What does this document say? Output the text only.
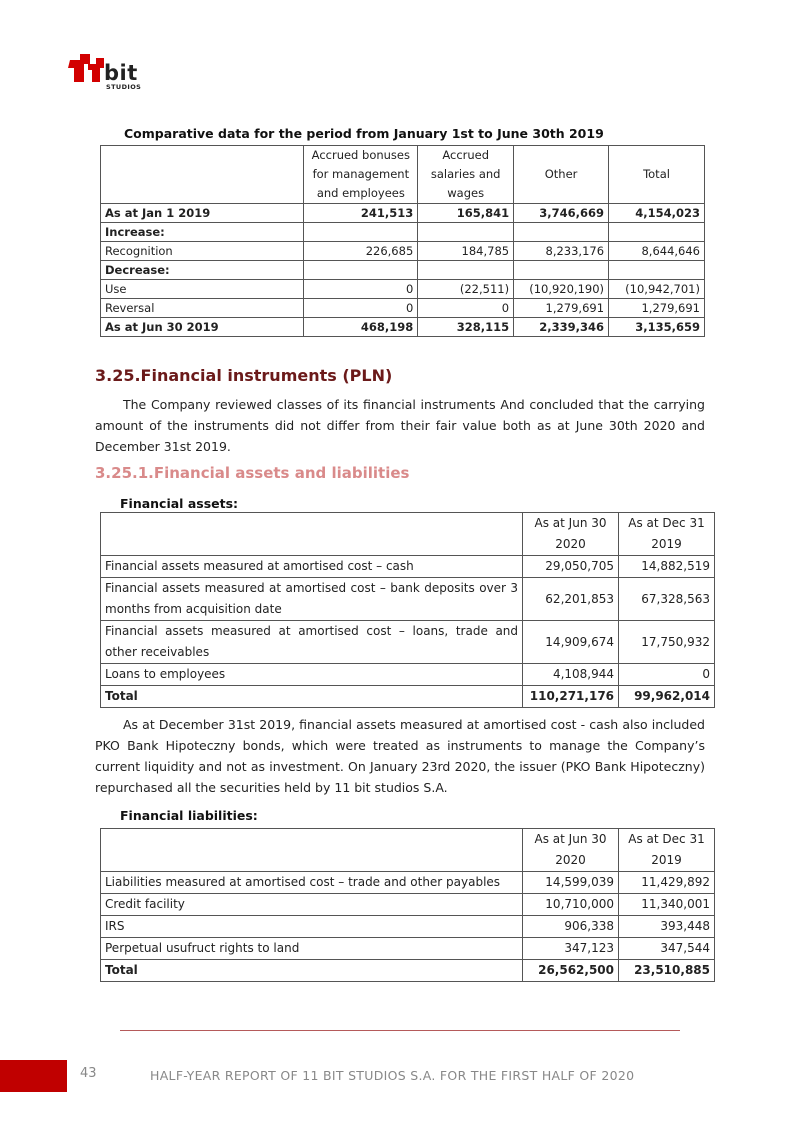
bit
STUDIOS
Comparative data for the period from January 1st to June 30th 2019
	Accrued bonuses for management and employees	Accrued salaries and wages	Other	Total
As at Jan 1 2019	241,513	165,841	3,746,669	4,154,023
Increase:				
Recognition	226,685	184,785	8,233,176	8,644,646
Decrease:				
Use	0	(22,511)	(10,920,190)	(10,942,701)
Reversal	0	0	1,279,691	1,279,691
As at Jun 30 2019	468,198	328,115	2,339,346	3,135,659
3.25.Financial instruments (PLN)
The Company reviewed classes of its financial instruments And concluded that the carrying amount of the instruments did not differ from their fair value both as at June 30th 2020 and December 31st 2019.
3.25.1.Financial assets and liabilities
Financial assets:
	As at Jun 30 2020	As at Dec 31 2019
Financial assets measured at amortised cost – cash	29,050,705	14,882,519
Financial assets measured at amortised cost – bank deposits over 3 months from acquisition date	62,201,853	67,328,563
Financial assets measured at amortised cost – loans, trade and other receivables	14,909,674	17,750,932
Loans to employees	4,108,944	0
Total	110,271,176	99,962,014
As at December 31st 2019, financial assets measured at amortised cost - cash also included PKO Bank Hipoteczny bonds, which were treated as instruments to manage the Company’s current liquidity and not as investment. On January 23rd 2020, the issuer (PKO Bank Hipoteczny) repurchased all the securities held by 11 bit studios S.A.
Financial liabilities:
	As at Jun 30 2020	As at Dec 31 2019
Liabilities measured at amortised cost – trade and other payables	14,599,039	11,429,892
Credit facility	10,710,000	11,340,001
IRS	906,338	393,448
Perpetual usufruct rights to land	347,123	347,544
Total	26,562,500	23,510,885
43	HALF-YEAR REPORT OF 11 BIT STUDIOS S.A. FOR THE FIRST HALF OF 2020
